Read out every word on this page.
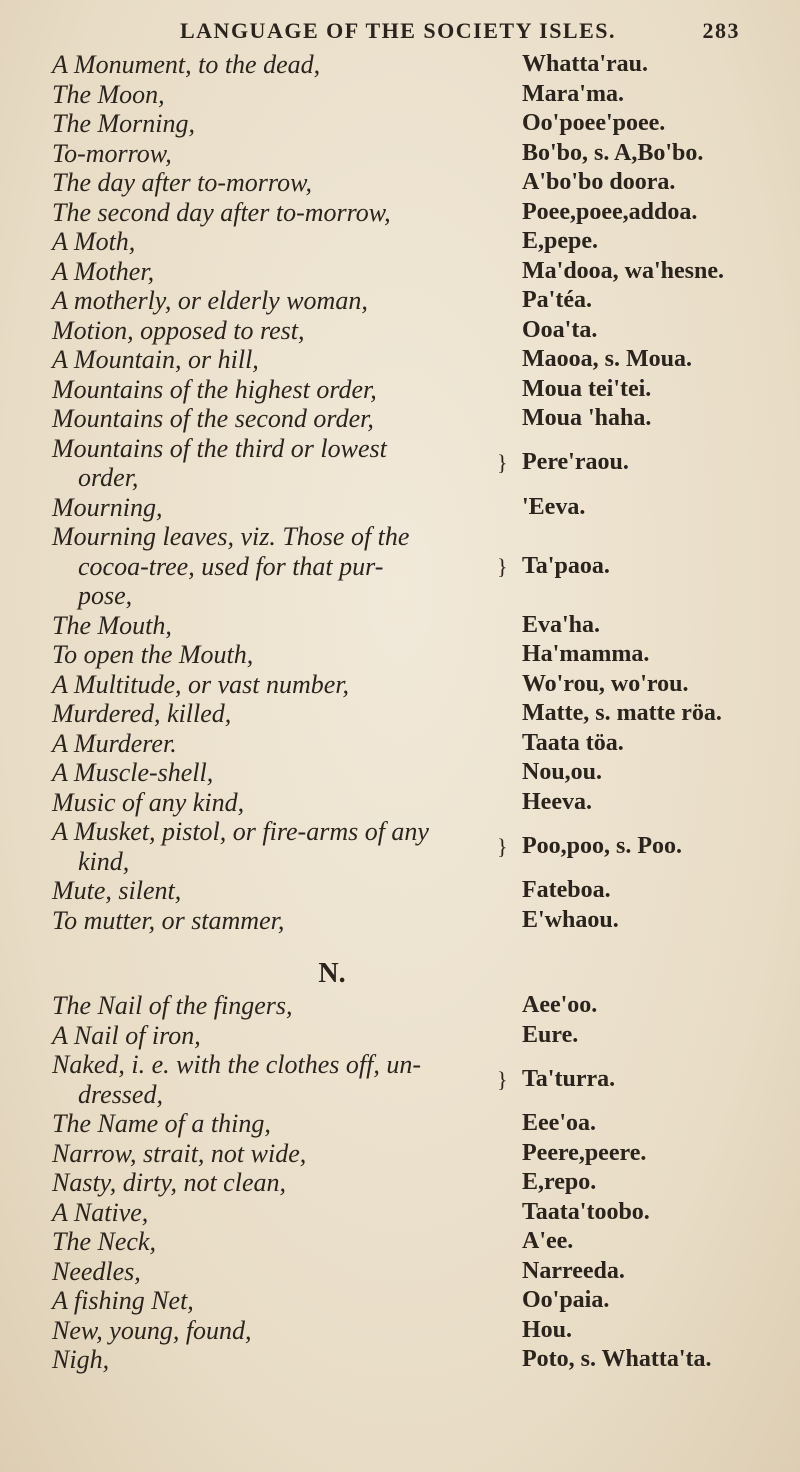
LANGUAGE OF THE SOCIETY ISLES.	283
A Monument, to the dead,	Whatta'rau.
The Moon,	Mara'ma.
The Morning,	Oo'poee'poee.
To-morrow,	Bo'bo, s. A,Bo'bo.
The day after to-morrow,	A'bo'bo doora.
The second day after to-morrow,	Poee,poee,addoa.
A Moth,	E,pepe.
A Mother,	Ma'dooa, wa'hesne.
A motherly, or elderly woman,	Pa'téa.
Motion, opposed to rest,	Ooa'ta.
A Mountain, or hill,	Maooa, s. Moua.
Mountains of the highest order,	Moua tei'tei.
Mountains of the second order,	Moua 'haha.
Mountains of the third or lowest
order,
} Pere'raou.
Mourning,	'Eeva.
Mourning leaves, viz. Those of the
cocoa-tree, used for that pur-
pose,
} Ta'paoa.
The Mouth,	Eva'ha.
To open the Mouth,	Ha'mamma.
A Multitude, or vast number,	Wo'rou, wo'rou.
Murdered, killed,	Matte, s. matte röa.
A Murderer.	Taata töa.
A Muscle-shell,	Nou,ou.
Music of any kind,	Heeva.
A Musket, pistol, or fire-arms of any
kind,
} Poo,poo, s. Poo.
Mute, silent,	Fateboa.
To mutter, or stammer,	E'whaou.
N.
The Nail of the fingers,	Aee'oo.
A Nail of iron,	Eure.
Naked, i. e. with the clothes off, un-
dressed,
} Ta'turra.
The Name of a thing,	Eee'oa.
Narrow, strait, not wide,	Peere,peere.
Nasty, dirty, not clean,	E,repo.
A Native,	Taata'toobo.
The Neck,	A'ee.
Needles,	Narreeda.
A fishing Net,	Oo'paia.
New, young, found,	Hou.
Nigh,	Poto, s. Whatta'ta.
